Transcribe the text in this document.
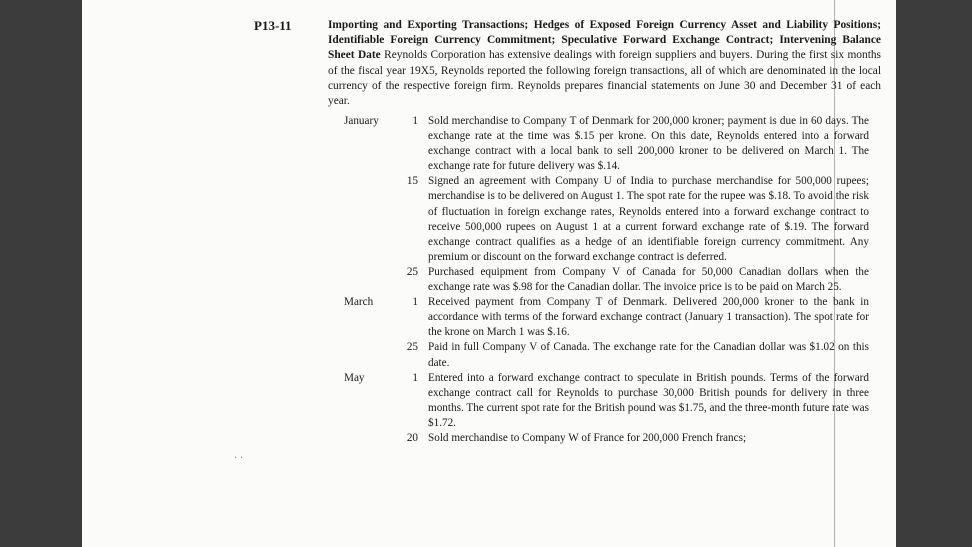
P13-11	Importing and Exporting Transactions; Hedges of Exposed Foreign Currency Asset and Liability Positions; Identifiable Foreign Currency Commitment; Speculative Forward Exchange Contract; Intervening Balance Sheet Date Reynolds Corporation has extensive dealings with foreign suppliers and buyers. During the first six months of the fiscal year 19X5, Reynolds reported the following foreign transactions, all of which are denominated in the local currency of the respective foreign firm. Reynolds prepares financial statements on June 30 and December 31 of each year.
January	1 Sold merchandise to Company T of Denmark for 200,000 kroner; payment is due in 60 days. The exchange rate at the time was $.15 per krone. On this date, Reynolds entered into a forward exchange contract with a local bank to sell 200,000 kroner to be delivered on March 1. The exchange rate for future delivery was $.14.
15 Signed an agreement with Company U of India to purchase merchandise for 500,000 rupees; merchandise is to be delivered on August 1. The spot rate for the rupee was $.18. To avoid the risk of fluctuation in foreign exchange rates, Reynolds entered into a forward exchange contract to receive 500,000 rupees on August 1 at a current forward exchange rate of $.19. The forward exchange contract qualifies as a hedge of an identifiable foreign currency commitment. Any premium or discount on the forward exchange contract is deferred.
25 Purchased equipment from Company V of Canada for 50,000 Canadian dollars when the exchange rate was $.98 for the Canadian dollar. The invoice price is to be paid on March 25.
March	1 Received payment from Company T of Denmark. Delivered 200,000 kroner to the bank in accordance with terms of the forward exchange contract (January 1 transaction). The spot rate for the krone on March 1 was $.16.
25 Paid in full Company V of Canada. The exchange rate for the Canadian dollar was $1.02 on this date.
May	1 Entered into a forward exchange contract to speculate in British pounds. Terms of the forward exchange contract call for Reynolds to purchase 30,000 British pounds for delivery in three months. The current spot rate for the British pound was $1.75, and the three-month future rate was $1.72.
20 Sold merchandise to Company W of France for 200,000 French francs;
· ·
